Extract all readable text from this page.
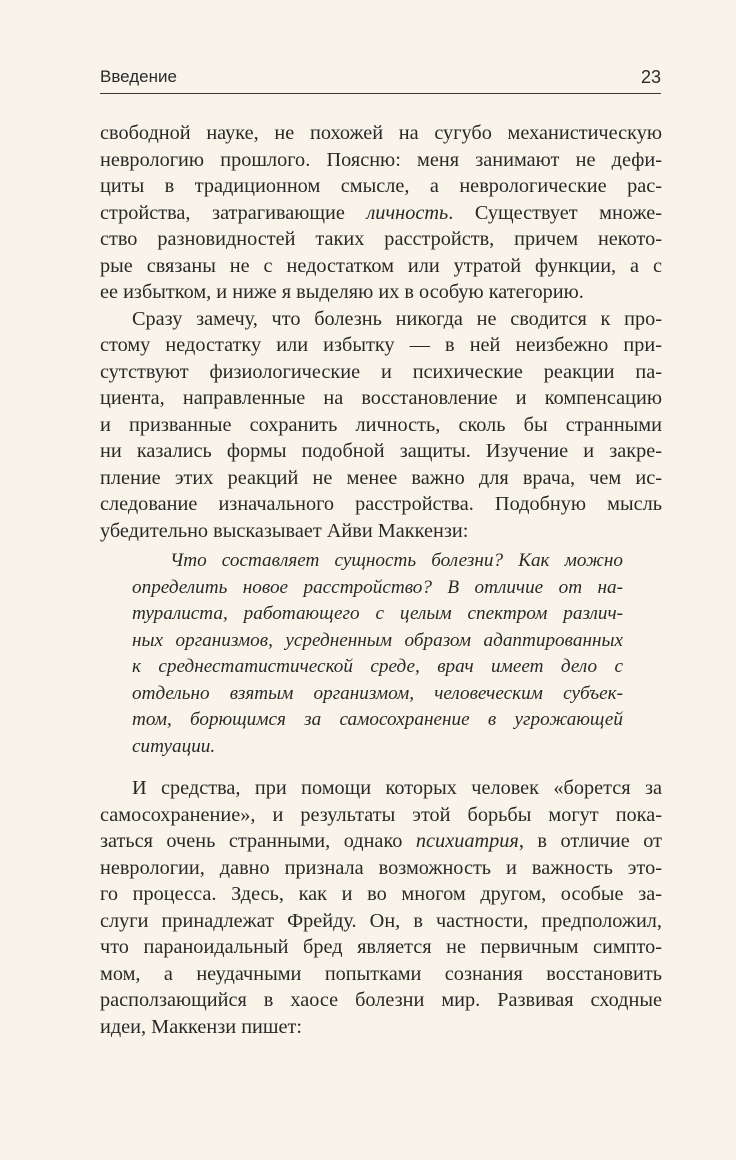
Введение	23
свободной науке, не похожей на сугубо механистическую
неврологию прошлого. Поясню: меня занимают не дефи-
циты в традиционном смысле, а неврологические рас-
стройства, затрагивающие личность. Существует множе-
ство разновидностей таких расстройств, причем некото-
рые связаны не с недостатком или утратой функции, а с
ее избытком, и ниже я выделяю их в особую категорию.
Сразу замечу, что болезнь никогда не сводится к про-
стому недостатку или избытку — в ней неизбежно при-
сутствуют физиологические и психические реакции па-
циента, направленные на восстановление и компенсацию
и призванные сохранить личность, сколь бы странными
ни казались формы подобной защиты. Изучение и закре-
пление этих реакций не менее важно для врача, чем ис-
следование изначального расстройства. Подобную мысль
убедительно высказывает Айви Маккензи:
Что составляет сущность болезни? Как можно
определить новое расстройство? В отличие от на-
туралиста, работающего с целым спектром различ-
ных организмов, усредненным образом адаптированных
к среднестатистической среде, врач имеет дело с
отдельно взятым организмом, человеческим субъек-
том, борющимся за самосохранение в угрожающей
ситуации.
И средства, при помощи которых человек «борется за
самосохранение», и результаты этой борьбы могут пока-
заться очень странными, однако психиатрия, в отличие от
неврологии, давно признала возможность и важность это-
го процесса. Здесь, как и во многом другом, особые за-
слуги принадлежат Фрейду. Он, в частности, предположил,
что параноидальный бред является не первичным симпто-
мом, а неудачными попытками сознания восстановить
расползающийся в хаосе болезни мир. Развивая сходные
идеи, Маккензи пишет:
